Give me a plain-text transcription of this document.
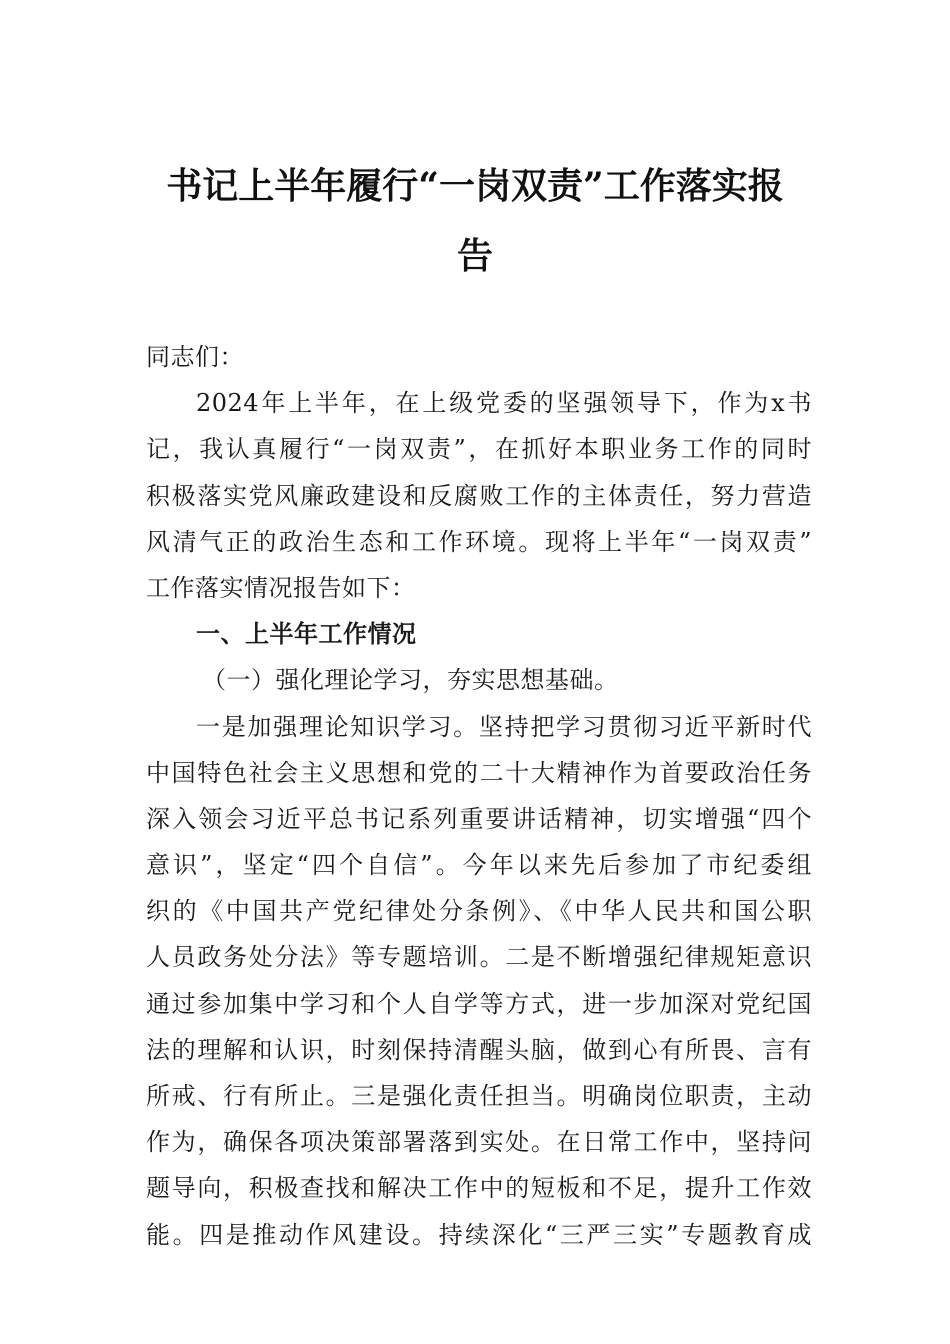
书记上半年履行“一岗双责”工作落实报
告
同志们：
2024年上半年，在上级党委的坚强领导下，作为x书
记，我认真履行“一岗双责”，在抓好本职业务工作的同时
积极落实党风廉政建设和反腐败工作的主体责任，努力营造
风清气正的政治生态和工作环境。现将上半年“一岗双责”
工作落实情况报告如下：
一、上半年工作情况
（一）强化理论学习，夯实思想基础。
一是加强理论知识学习。坚持把学习贯彻习近平新时代
中国特色社会主义思想和党的二十大精神作为首要政治任务
深入领会习近平总书记系列重要讲话精神，切实增强“四个
意识”，坚定“四个自信”。今年以来先后参加了市纪委组
织的《中国共产党纪律处分条例》、《中华人民共和国公职
人员政务处分法》等专题培训。二是不断增强纪律规矩意识
通过参加集中学习和个人自学等方式，进一步加深对党纪国
法的理解和认识，时刻保持清醒头脑，做到心有所畏、言有
所戒、行有所止。三是强化责任担当。明确岗位职责，主动
作为，确保各项决策部署落到实处。在日常工作中，坚持问
题导向，积极查找和解决工作中的短板和不足，提升工作效
能。四是推动作风建设。持续深化“三严三实”专题教育成
